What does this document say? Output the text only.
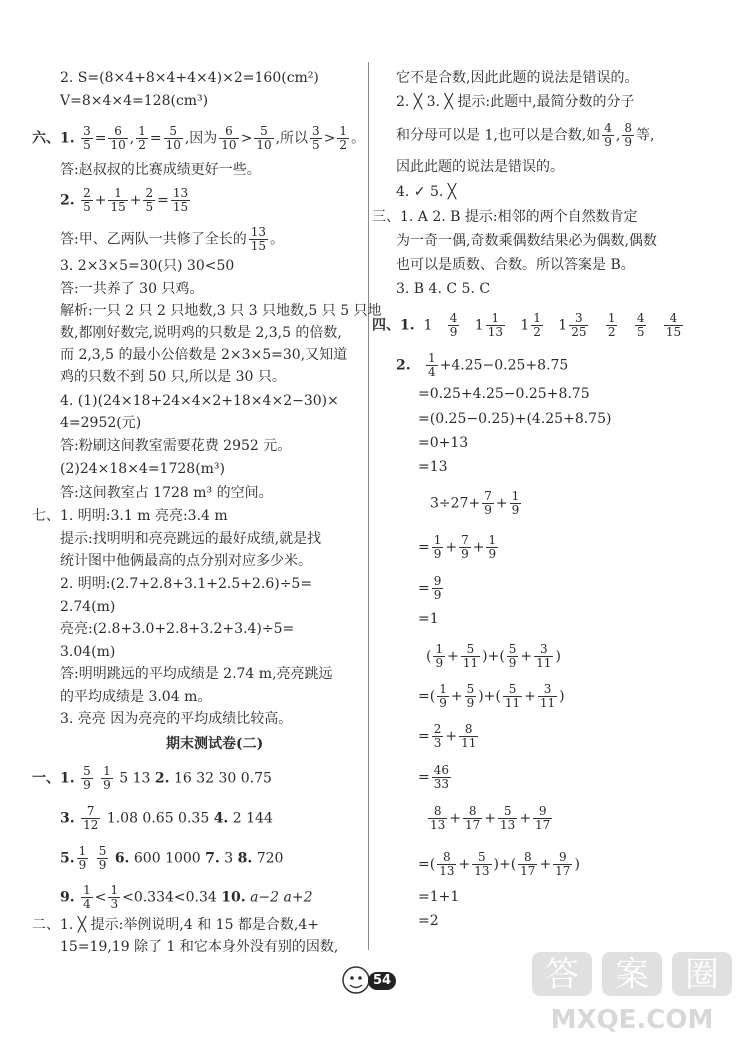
2. S=(8×4+8×4+4×4)×2=160(cm²)
V=8×4×4=128(cm³)
六、1. $\frac{3}{5} = \frac{6}{10}$ , $\frac{1}{2} = \frac{5}{10}$ ,因为 $\frac{6}{10} > \frac{5}{10}$ ,所以 $\frac{3}{5} > \frac{1}{2}$ 。
答:赵叔叔的比赛成绩更好一些。
2. $\frac{2}{5} + \frac{1}{15} + \frac{2}{5} = \frac{13}{15}$
答:甲、乙两队一共修了全长的 $\frac{13}{15}$ 。
3. 2×3×5=30(只) 30<50
答:一共养了 30 只鸡。
解析:一只 2 只 2 只地数,3 只 3 只地数,5 只 5 只地
数,都刚好数完,说明鸡的只数是 2,3,5 的倍数,
而 2,3,5 的最小公倍数是 2×3×5=30,又知道
鸡的只数不到 50 只,所以是 30 只。
4. (1)(24×18+24×4×2+18×4×2−30)×
4=2952(元)
答:粉刷这间教室需要花费 2952 元。
(2)24×18×4=1728(m³)
答:这间教室占 1728 m³ 的空间。
七、1. 明明:3.1 m 亮亮:3.4 m
提示:找明明和亮亮跳远的最好成绩,就是找
统计图中他俩最高的点分别对应多少米。
2. 明明:(2.7+2.8+3.1+2.5+2.6)÷5=
2.74(m)
亮亮:(2.8+3.0+2.8+3.2+3.4)÷5=
3.04(m)
答:明明跳远的平均成绩是 2.74 m,亮亮跳远
的平均成绩是 3.04 m。
3. 亮亮 因为亮亮的平均成绩比较高。
期末测试卷(二)
一、1. $\frac{5}{9}$
$\frac{1}{9} 5$ 13 2. 16 32 30 0.75
3. $\frac{7}{12} 1.08$ 0.65 0.35 4. 2 144
5. $\frac{1}{9}$
$\frac{5}{9} 6$. 600 1000 7. 3 8. 720
9. $\frac{1}{4} < \frac{1}{3} <0.334<0.34$ 10. a−2 a+2
二、1. ╳ 提示:举例说明,4 和 15 都是合数,4+
15=19,19 除了 1 和它本身外没有别的因数,
它不是合数,因此此题的说法是错误的。
2. ╳ 3. ╳ 提示:此题中,最简分数的分子
和分母可以是 1,也可以是合数,如 $\frac{4}{9}$ , $\frac{8}{9}$ 等,
因此此题的说法是错误的。
4. ✓ 5. ╳
三、1. A 2. B 提示:相邻的两个自然数肯定
为一奇一偶,奇数乘偶数结果必为偶数,偶数
也可以是质数、合数。所以答案是 B。
3. B 4. C 5. C
四、1.  $1 \frac{4}{9} 1 \frac{1}{13} 1 \frac{1}{2} 1 \frac{3}{25}$
$\frac{1}{2}$
$\frac{4}{5}$
$\frac{4}{15}$
2. $\frac{1}{4} +4.25-0.25+8.75$
=0.25+4.25−0.25+8.75
=(0.25−0.25)+(4.25+8.75)
=0+13
=13
$3\div 27+ \frac{7}{9} + \frac{1}{9}$
= $\frac{1}{9} + \frac{7}{9} + \frac{1}{9}$
= $\frac{9}{9}$
=1
( $\frac{1}{9} + \frac{5}{11}$ )+( $\frac{5}{9} + \frac{3}{11}$ )
=( $\frac{1}{9} + \frac{5}{9}$ )+( $\frac{5}{11} + \frac{3}{11}$ )
= $\frac{2}{3} + \frac{8}{11}$
= $\frac{46}{33}$
$\frac{8}{13} + \frac{8}{17} + \frac{5}{13} + \frac{9}{17}$
=( $\frac{8}{13} + \frac{5}{13}$ )+( $\frac{8}{17} + \frac{9}{17}$ )
=1+1
=2
54	答 案 圈
MXQE.COM
